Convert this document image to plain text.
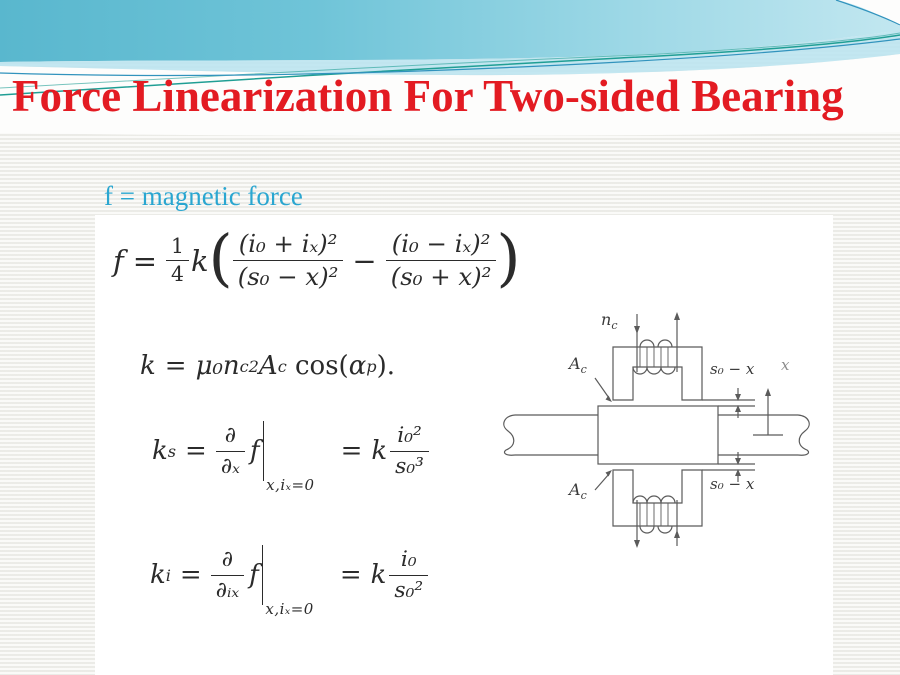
Force Linearization For Two-sided Bearing
f = magnetic force
$f = \frac{1}{4}$ k ( $\frac{\text{(i₀ + iₓ)²}}{\text{(s₀ − x)²}} - \frac{\text{(i₀ − iₓ)²}}{\text{(s₀ + x)²}}$ )
k = μ₀n c 2 A c cos( α p ).
k $s = \frac{\partial}{\text{∂ₓ}}$ f
x,iₓ=0
= k $\frac{\text{i₀²}}{\text{s₀³}}$
k $i = \frac{\partial}{\text{∂ᵢₓ}}$ f
x,iₓ=0
= k $\frac{\text{i₀}}{\text{s₀²}}$
$n_c$
$A_c$
$A_c$
s₀ − x
s₀ − x
x
